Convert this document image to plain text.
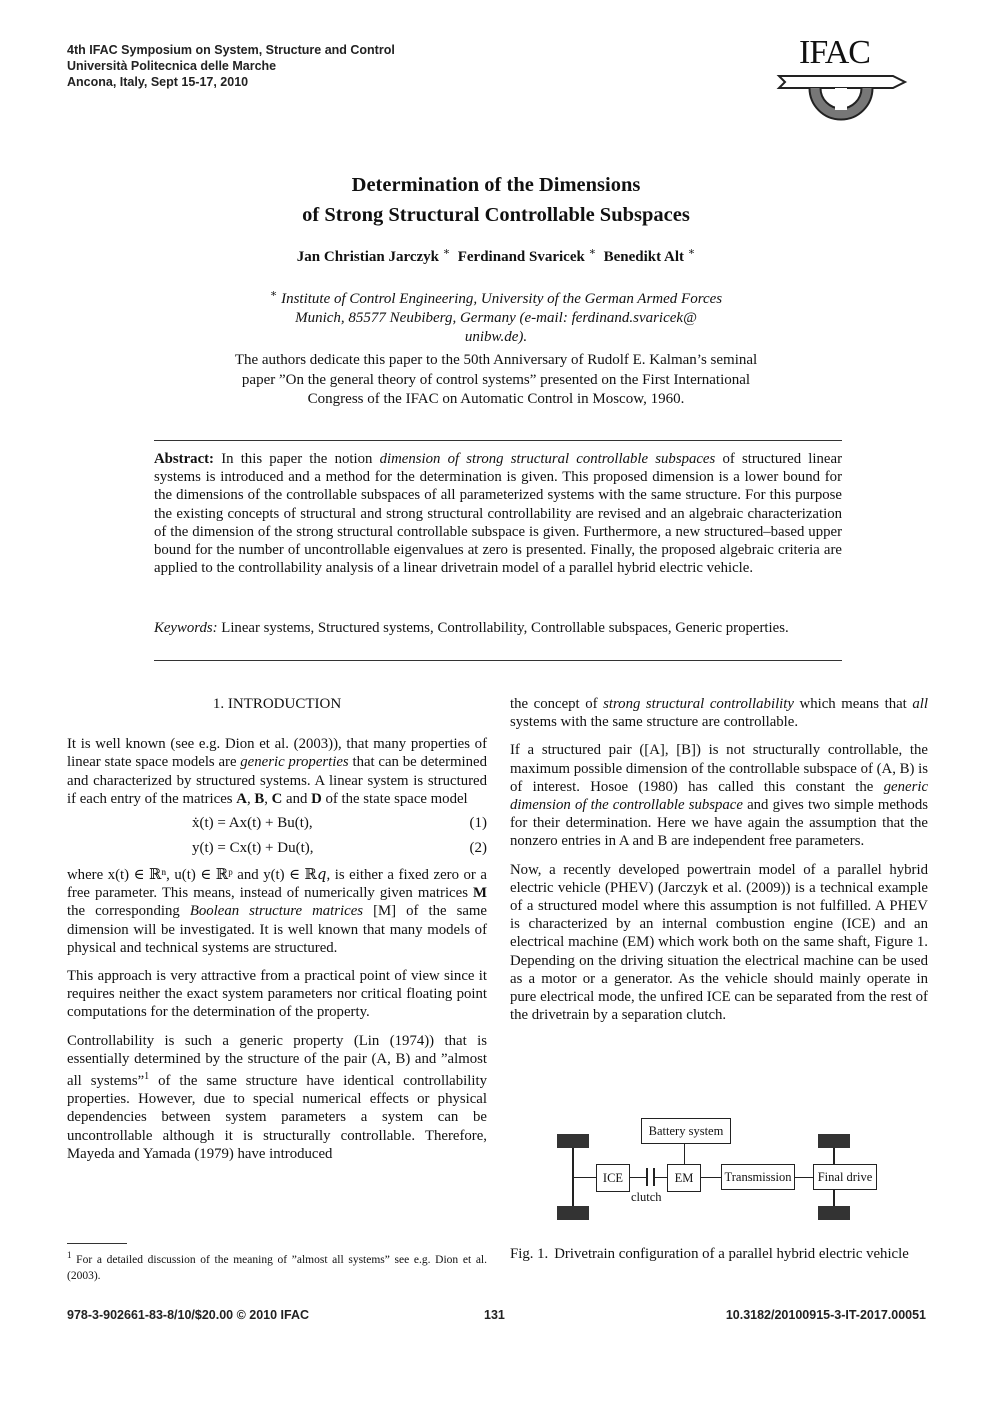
4th IFAC Symposium on System, Structure and Control
Università Politecnica delle Marche
Ancona, Italy, Sept 15-17, 2010
IFAC
Determination of the Dimensions
of Strong Structural Controllable Subspaces
Jan Christian Jarczyk ∗ Ferdinand Svaricek ∗ Benedikt Alt ∗
∗ Institute of Control Engineering, University of the German Armed Forces
Munich, 85577 Neubiberg, Germany (e-mail: ferdinand.svaricek@
unibw.de).
The authors dedicate this paper to the 50th Anniversary of Rudolf E. Kalman’s seminal paper ”On the general theory of control systems” presented on the First International Congress of the IFAC on Automatic Control in Moscow, 1960.
Abstract: In this paper the notion dimension of strong structural controllable subspaces of structured linear systems is introduced and a method for the determination is given. This proposed dimension is a lower bound for the dimensions of the controllable subspaces of all parameterized systems with the same structure. For this purpose the existing concepts of structural and strong structural controllability are revised and an algebraic characterization of the dimension of the strong structural controllable subspace is given. Furthermore, a new structured–based upper bound for the number of uncontrollable eigenvalues at zero is presented. Finally, the proposed algebraic criteria are applied to the controllability analysis of a linear drivetrain model of a parallel hybrid electric vehicle.
Keywords: Linear systems, Structured systems, Controllability, Controllable subspaces, Generic properties.
1. INTRODUCTION

It is well known (see e.g. Dion et al. (2003)), that many properties of linear state space models are generic properties that can be determined and characterized by structured systems. A linear system is structured if each entry of the matrices A, B, C and D of the state space model

ẋ(t) = Ax(t) + Bu(t),	(1)
y(t) = Cx(t) + Du(t),	(2)

where x(t) ∈ ℝⁿ, u(t) ∈ ℝᵖ and y(t) ∈ ℝ𝑞, is either a fixed zero or a free parameter. This means, instead of numerically given matrices M the corresponding Boolean structure matrices [M] of the same dimension will be investigated. It is well known that many models of physical and technical systems are structured.

This approach is very attractive from a practical point of view since it requires neither the exact system parameters nor critical floating point computations for the determination of the property.

Controllability is such a generic property (Lin (1974)) that is essentially determined by the structure of the pair (A, B) and ”almost all systems”$^1$ of the same structure have identical controllability properties. However, due to special numerical effects or physical dependencies between system parameters a system can be uncontrollable although it is structurally controllable. Therefore, Mayeda and Yamada (1979) have introduced

$^1$ For a detailed discussion of the meaning of ”almost all systems” see e.g. Dion et al. (2003).

the concept of strong structural controllability which means that all systems with the same structure are controllable.

If a structured pair ([A], [B]) is not structurally controllable, the maximum possible dimension of the controllable subspace of (A, B) is of interest. Hosoe (1980) has called this constant the generic dimension of the controllable subspace and gives two simple methods for their determination. Here we have again the assumption that the nonzero entries in A and B are independent free parameters.

Now, a recently developed powertrain model of a parallel hybrid electric vehicle (PHEV) (Jarczyk et al. (2009)) is a technical example of a structured model where this assumption is not fulfilled. A PHEV is characterized by an internal combustion engine (ICE) and an electrical machine (EM) which work both on the same shaft, Figure 1. Depending on the driving situation the electrical machine can be used as a motor or a generator. As the vehicle should mainly operate in pure electrical mode, the unfired ICE can be separated from the rest of the drivetrain by a separation clutch.

Battery system
ICE	EM	Transmission	Final drive
clutch
Fig. 1. Drivetrain configuration of a parallel hybrid electric vehicle
978-3-902661-83-8/10/$20.00 © 2010 IFAC	131	10.3182/20100915-3-IT-2017.00051
